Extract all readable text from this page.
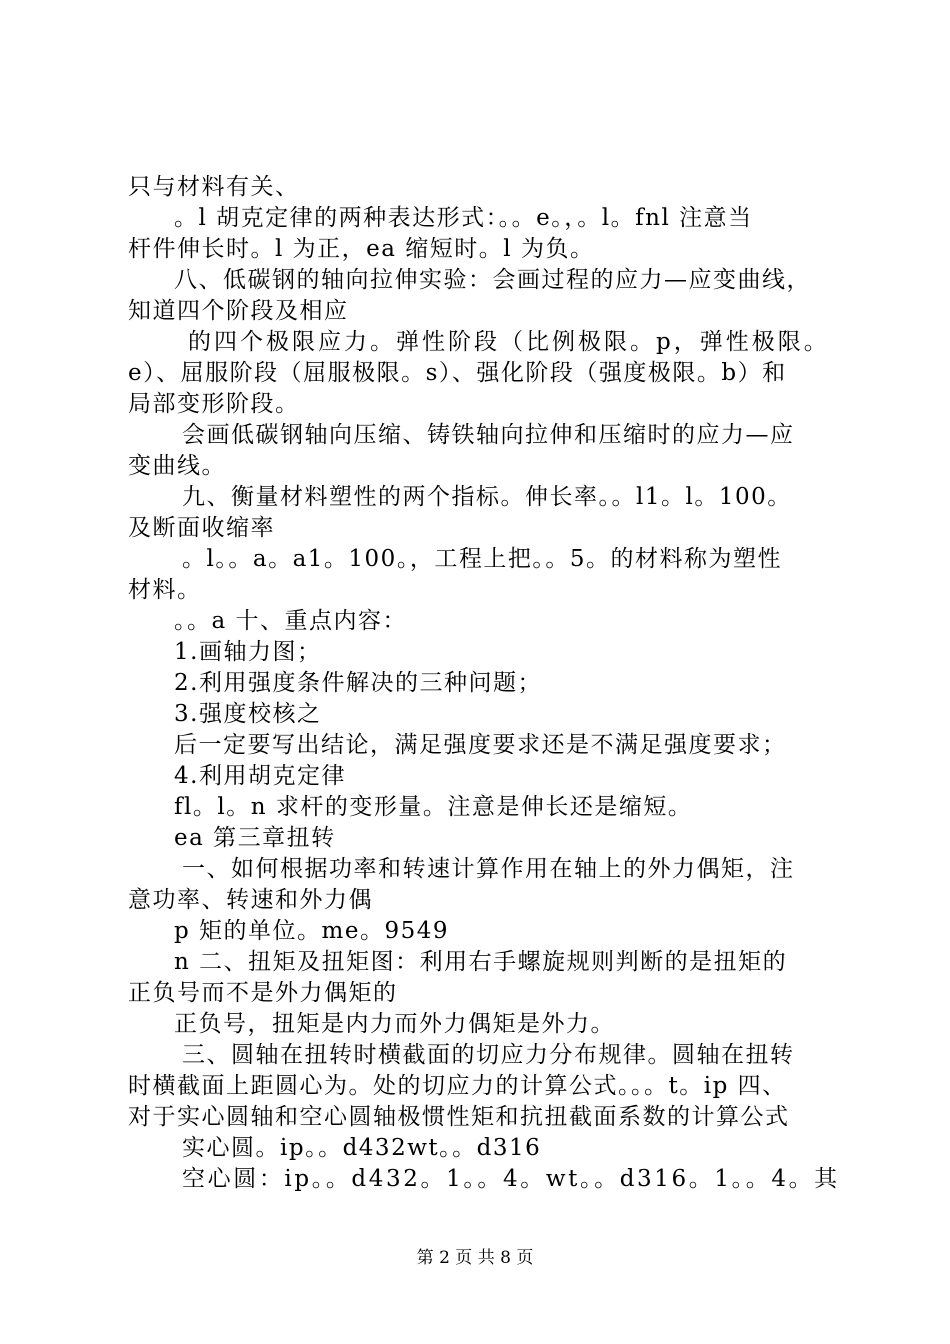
只与材料有关、
。l 胡克定律的两种表达形式：。。e。，。l。fnl 注意当
杆件伸长时。l 为正，ea 缩短时。l 为负。
八、低碳钢的轴向拉伸实验：会画过程的应力—应变曲线，
知道四个阶段及相应
的四个极限应力。弹性阶段（比例极限。p，弹性极限。
e）、屈服阶段（屈服极限。s）、强化阶段（强度极限。b）和
局部变形阶段。
会画低碳钢轴向压缩、铸铁轴向拉伸和压缩时的应力—应
变曲线。
九、衡量材料塑性的两个指标。伸长率。。l1。l。100。
及断面收缩率
。l。。a。a1。100。，工程上把。。5。的材料称为塑性
材料。
。。a 十、重点内容：
1.画轴力图；
2.利用强度条件解决的三种问题；
3.强度校核之
后一定要写出结论，满足强度要求还是不满足强度要求；
4.利用胡克定律
fl。l。n 求杆的变形量。注意是伸长还是缩短。
ea 第三章扭转
一、如何根据功率和转速计算作用在轴上的外力偶矩，注
意功率、转速和外力偶
p 矩的单位。me。9549
n 二、扭矩及扭矩图：利用右手螺旋规则判断的是扭矩的
正负号而不是外力偶矩的
正负号，扭矩是内力而外力偶矩是外力。
三、圆轴在扭转时横截面的切应力分布规律。圆轴在扭转
时横截面上距圆心为。处的切应力的计算公式。。。t。ip 四、
对于实心圆轴和空心圆轴极惯性矩和抗扭截面系数的计算公式
实心圆。ip。。d432wt。。d316
空心圆：ip。。d432。1。。4。wt。。d316。1。。4。其
第 2 页 共 8 页
